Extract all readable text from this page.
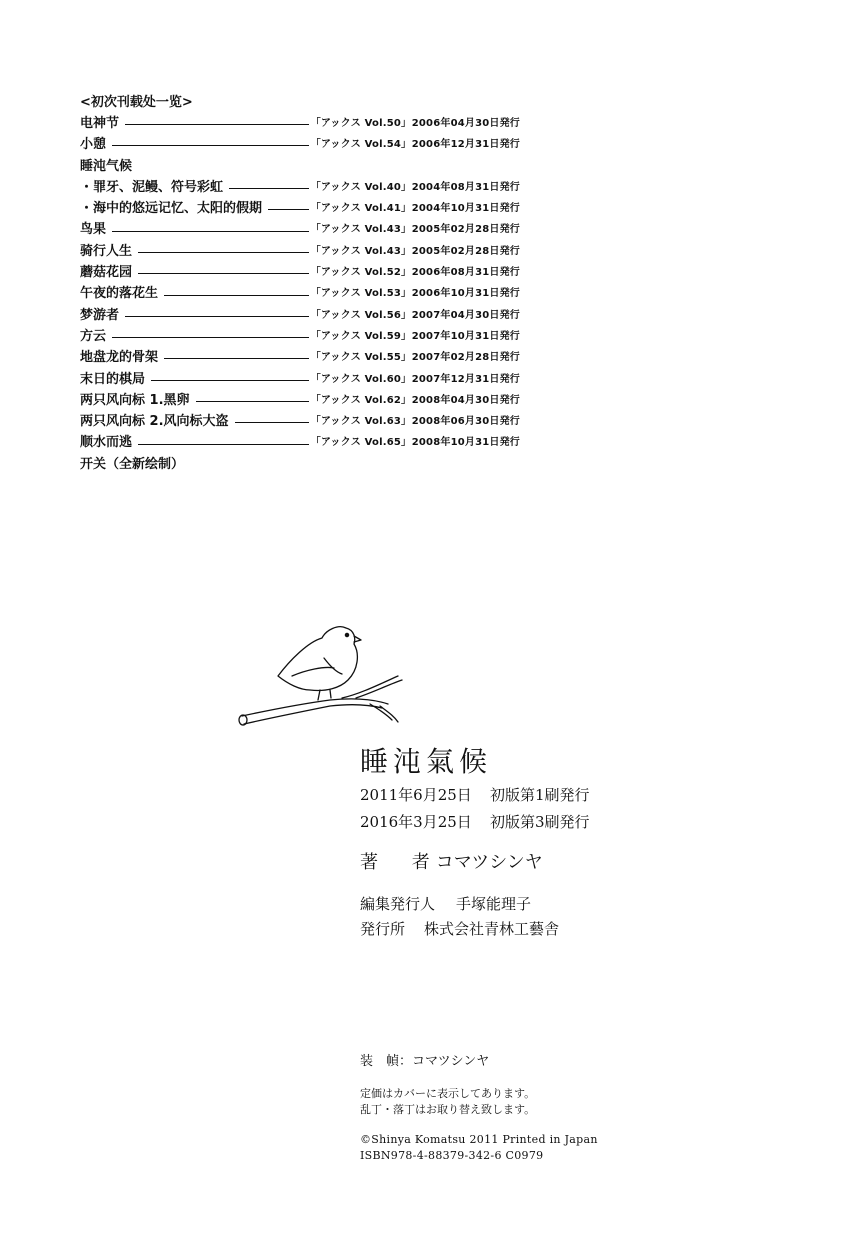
<初次刊载处一览>
电神节	「アックス Vol.50」2006年04月30日発行
小憩	「アックス Vol.54」2006年12月31日発行
睡沌气候
・罪牙、泥鳗、符号彩虹	「アックス Vol.40」2004年08月31日発行
・海中的悠远记忆、太阳的假期	「アックス Vol.41」2004年10月31日発行
鸟果	「アックス Vol.43」2005年02月28日発行
骑行人生	「アックス Vol.43」2005年02月28日発行
蘑菇花园	「アックス Vol.52」2006年08月31日発行
午夜的落花生	「アックス Vol.53」2006年10月31日発行
梦游者	「アックス Vol.56」2007年04月30日発行
方云	「アックス Vol.59」2007年10月31日発行
地盘龙的骨架	「アックス Vol.55」2007年02月28日発行
末日的棋局	「アックス Vol.60」2007年12月31日発行
两只风向标 1.黑卵	「アックス Vol.62」2008年04月30日発行
两只风向标 2.风向标大盗	「アックス Vol.63」2008年06月30日発行
顺水而逃	「アックス Vol.65」2008年10月31日発行
开关（全新绘制）
睡沌氣候
2011年6月25日 初版第1刷発行
2016年3月25日 初版第3刷発行
著 者 コマツシンヤ
編集発行人 手塚能理子
発行所 株式会社青林工藝舎
装　幀：コマツシンヤ
定価はカバーに表示してあります。
乱丁・落丁はお取り替え致します。
©Shinya Komatsu 2011 Printed in Japan
ISBN978-4-88379-342-6 C0979
